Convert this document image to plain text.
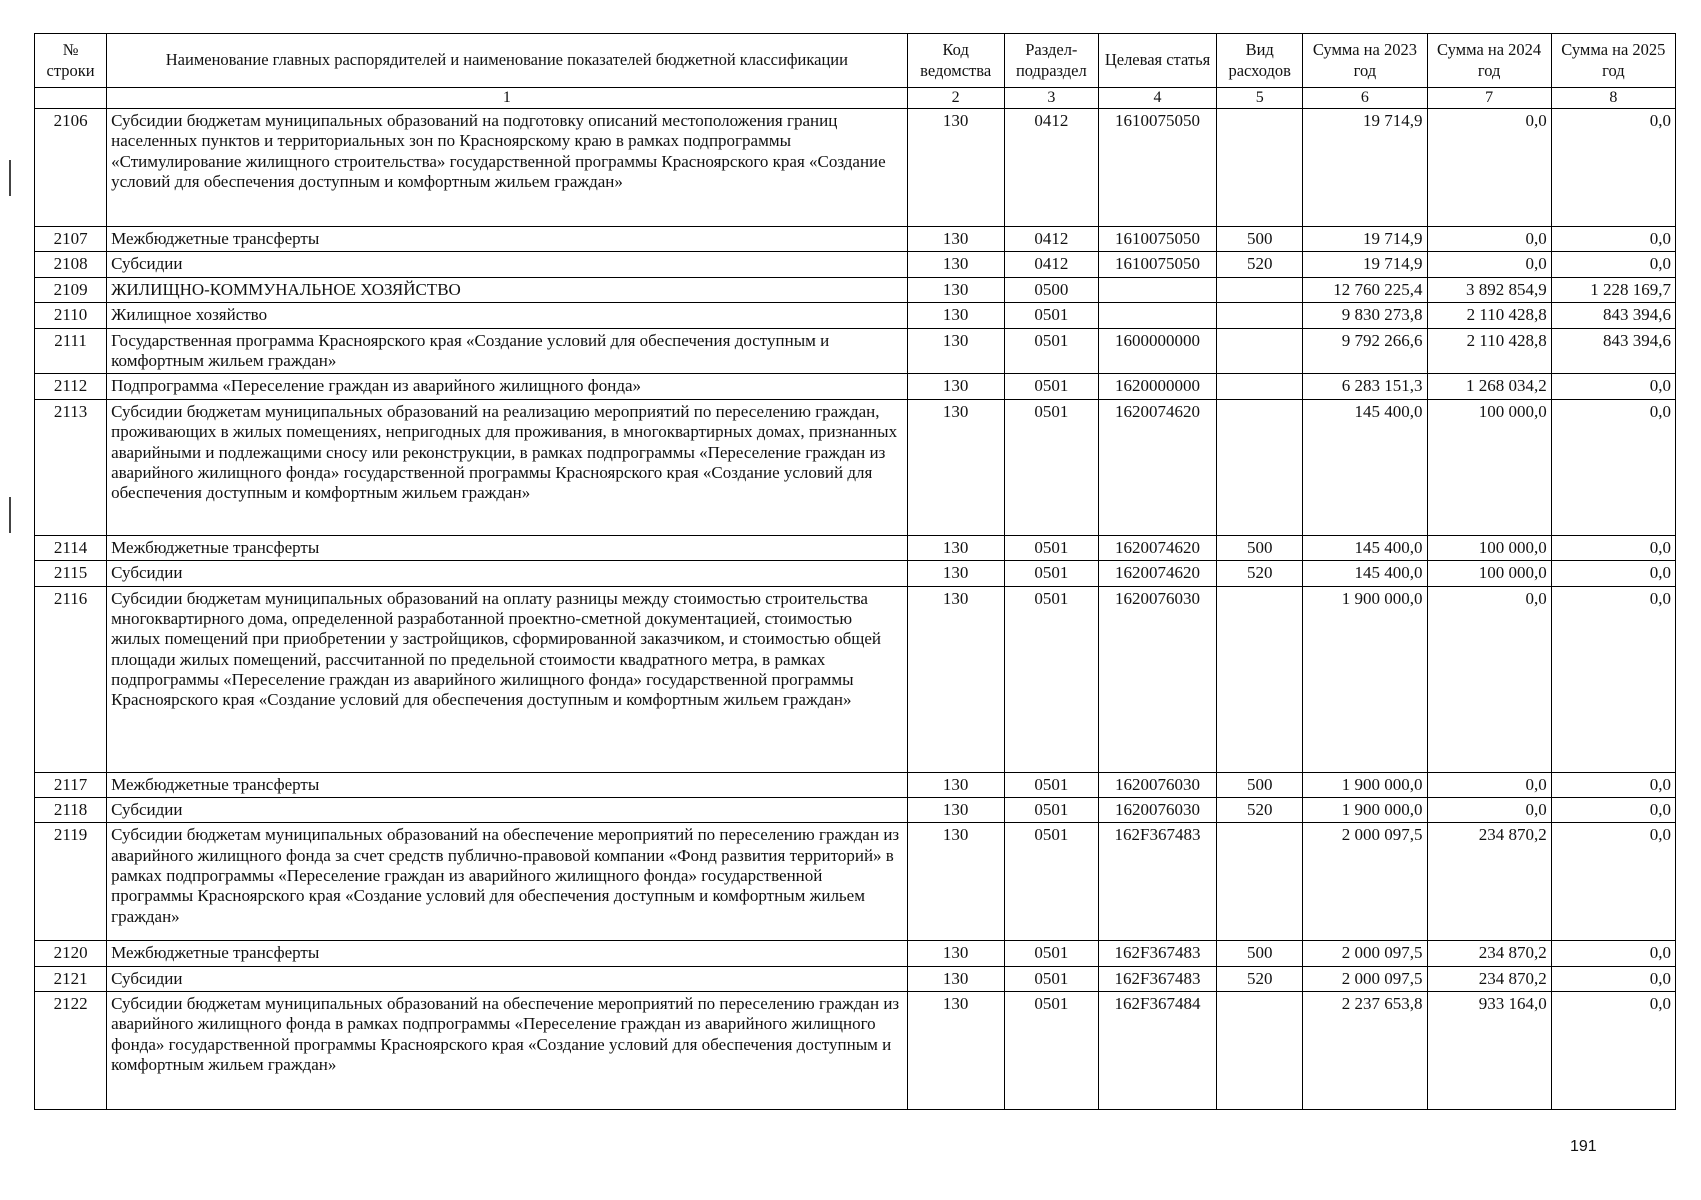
№ строки	Наименование главных распорядителей и наименование показателей бюджетной классификации	Код ведомства	Раздел-подраздел	Целевая статья	Вид расходов	Сумма на 2023 год	Сумма на 2024 год	Сумма на 2025 год
	1	2	3	4	5	6	7	8
2106	Субсидии бюджетам муниципальных образований на подготовку описаний местоположения границ населенных пунктов и территориальных зон по Красноярскому краю в рамках подпрограммы «Стимулирование жилищного строительства» государственной программы Красноярского края «Создание условий для обеспечения доступным и комфортным жильем граждан»	130	0412	1610075050		19 714,9	0,0	0,0
2107	Межбюджетные трансферты	130	0412	1610075050	500	19 714,9	0,0	0,0
2108	Субсидии	130	0412	1610075050	520	19 714,9	0,0	0,0
2109	ЖИЛИЩНО-КОММУНАЛЬНОЕ ХОЗЯЙСТВО	130	0500			12 760 225,4	3 892 854,9	1 228 169,7
2110	Жилищное хозяйство	130	0501			9 830 273,8	2 110 428,8	843 394,6
2111	Государственная программа Красноярского края «Создание условий для обеспечения доступным и комфортным жильем граждан»	130	0501	1600000000		9 792 266,6	2 110 428,8	843 394,6
2112	Подпрограмма «Переселение граждан из аварийного жилищного фонда»	130	0501	1620000000		6 283 151,3	1 268 034,2	0,0
2113	Субсидии бюджетам муниципальных образований на реализацию мероприятий по переселению граждан, проживающих в жилых помещениях, непригодных для проживания, в многоквартирных домах, признанных аварийными и подлежащими сносу или реконструкции, в рамках подпрограммы «Переселение граждан из аварийного жилищного фонда» государственной программы Красноярского края «Создание условий для обеспечения доступным и комфортным жильем граждан»	130	0501	1620074620		145 400,0	100 000,0	0,0
2114	Межбюджетные трансферты	130	0501	1620074620	500	145 400,0	100 000,0	0,0
2115	Субсидии	130	0501	1620074620	520	145 400,0	100 000,0	0,0
2116	Субсидии бюджетам муниципальных образований на оплату разницы между стоимостью строительства многоквартирного дома, определенной разработанной проектно-сметной документацией, стоимостью жилых помещений при приобретении у застройщиков, сформированной заказчиком, и стоимостью общей площади жилых помещений, рассчитанной по предельной стоимости квадратного метра, в рамках подпрограммы «Переселение граждан из аварийного жилищного фонда» государственной программы Красноярского края «Создание условий для обеспечения доступным и комфортным жильем граждан»	130	0501	1620076030		1 900 000,0	0,0	0,0
2117	Межбюджетные трансферты	130	0501	1620076030	500	1 900 000,0	0,0	0,0
2118	Субсидии	130	0501	1620076030	520	1 900 000,0	0,0	0,0
2119	Субсидии бюджетам муниципальных образований на обеспечение мероприятий по переселению граждан из аварийного жилищного фонда за счет средств публично-правовой компании «Фонд развития территорий» в рамках подпрограммы «Переселение граждан из аварийного жилищного фонда» государственной программы Красноярского края «Создание условий для обеспечения доступным и комфортным жильем граждан»	130	0501	162F367483		2 000 097,5	234 870,2	0,0
2120	Межбюджетные трансферты	130	0501	162F367483	500	2 000 097,5	234 870,2	0,0
2121	Субсидии	130	0501	162F367483	520	2 000 097,5	234 870,2	0,0
2122	Субсидии бюджетам муниципальных образований на обеспечение мероприятий по переселению граждан из аварийного жилищного фонда в рамках подпрограммы «Переселение граждан из аварийного жилищного фонда» государственной программы Красноярского края «Создание условий для обеспечения доступным и комфортным жильем граждан»	130	0501	162F367484		2 237 653,8	933 164,0	0,0
191
